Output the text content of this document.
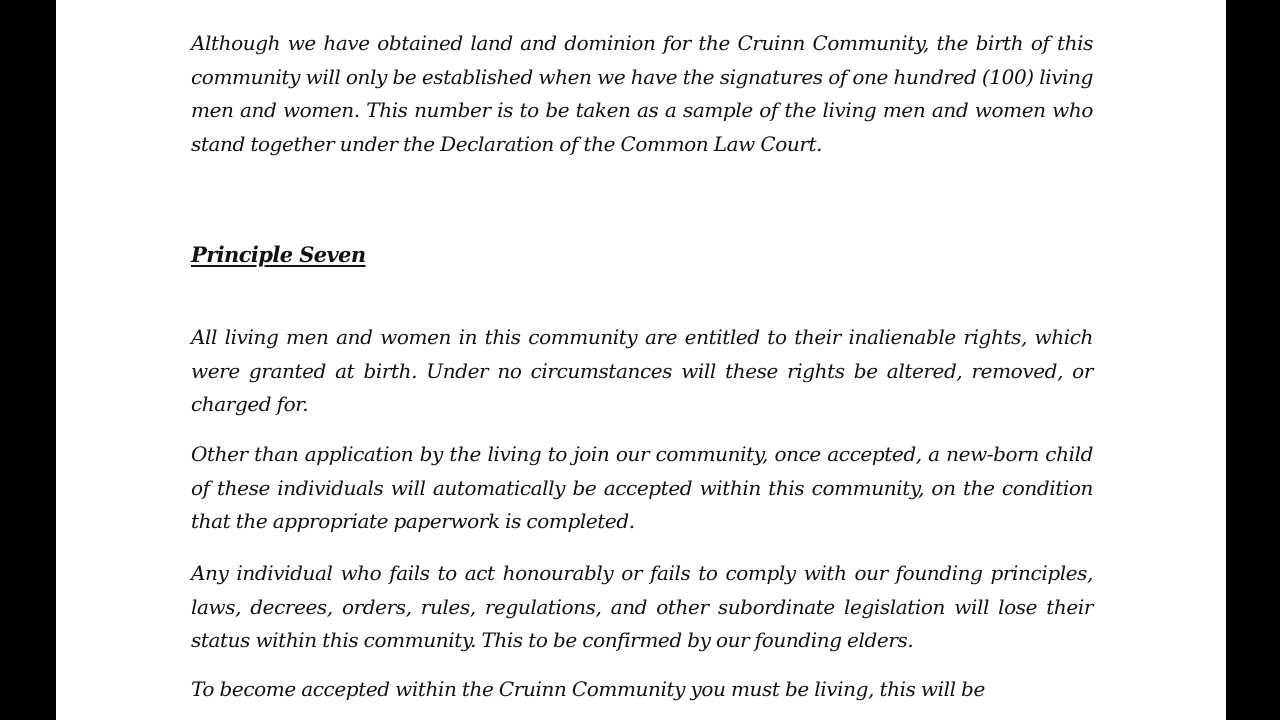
Although we have obtained land and dominion for the Cruinn Community, the birth of this community will only be established when we have the signatures of one hundred (100) living men and women. This number is to be taken as a sample of the living men and women who stand together under the Declaration of the Common Law Court.

Principle Seven

All living men and women in this community are entitled to their inalienable rights, which were granted at birth. Under no circumstances will these rights be altered, removed, or charged for.

Other than application by the living to join our community, once accepted, a new-born child of these individuals will automatically be accepted within this community, on the condition that the appropriate paperwork is completed.

Any individual who fails to act honourably or fails to comply with our founding principles, laws, decrees, orders, rules, regulations, and other subordinate legislation will lose their status within this community. This to be confirmed by our founding elders.

To become accepted within the Cruinn Community you must be living, this will be
